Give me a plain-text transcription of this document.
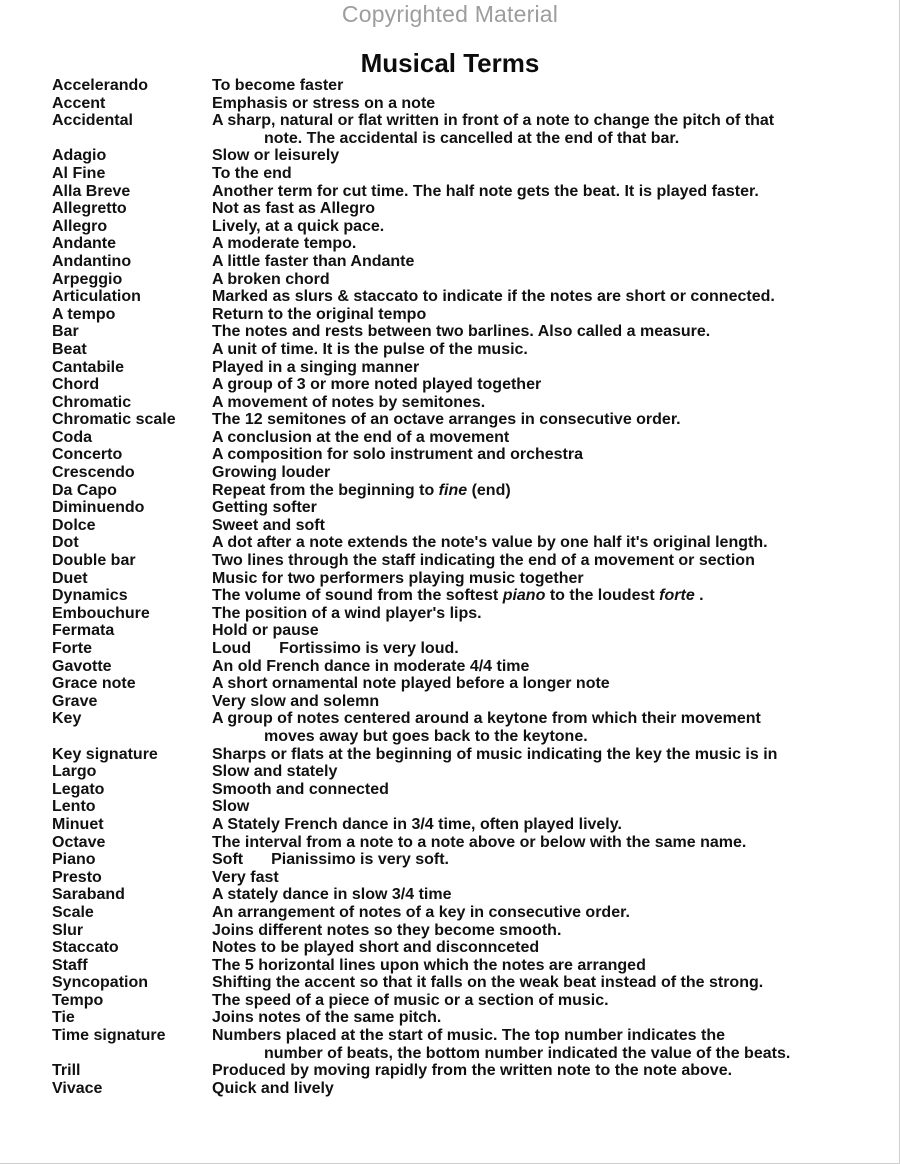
Copyrighted Material
Musical Terms
Accelerando	To become faster
Accent	Emphasis or stress on a note
Accidental	A sharp, natural or flat written in front of a note to change the pitch of that
note. The accidental is cancelled at the end of that bar.
Adagio	Slow or leisurely
Al Fine	To the end
Alla Breve	Another term for cut time. The half note gets the beat. It is played faster.
Allegretto	Not as fast as Allegro
Allegro	Lively, at a quick pace.
Andante	A moderate tempo.
Andantino	A little faster than Andante
Arpeggio	A broken chord
Articulation	Marked as slurs & staccato to indicate if the notes are short or connected.
A tempo	Return to the original tempo
Bar	The notes and rests between two barlines. Also called a measure.
Beat	A unit of time. It is the pulse of the music.
Cantabile	Played in a singing manner
Chord	A group of 3 or more noted played together
Chromatic	A movement of notes by semitones.
Chromatic scale	The 12 semitones of an octave arranges in consecutive order.
Coda	A conclusion at the end of a movement
Concerto	A composition for solo instrument and orchestra
Crescendo	Growing louder
Da Capo	Repeat from the beginning to fine (end)
Diminuendo	Getting softer
Dolce	Sweet and soft
Dot	A dot after a note extends the note's value by one half it's original length.
Double bar	Two lines through the staff indicating the end of a movement or section
Duet	Music for two performers playing music together
Dynamics	The volume of sound from the softest piano to the loudest forte .
Embouchure	The position of a wind player's lips.
Fermata	Hold or pause
Forte	Loud Fortissimo is very loud.
Gavotte	An old French dance in moderate 4/4 time
Grace note	A short ornamental note played before a longer note
Grave	Very slow and solemn
Key	A group of notes centered around a keytone from which their movement
moves away but goes back to the keytone.
Key signature	Sharps or flats at the beginning of music indicating the key the music is in
Largo	Slow and stately
Legato	Smooth and connected
Lento	Slow
Minuet	A Stately French dance in 3/4 time, often played lively.
Octave	The interval from a note to a note above or below with the same name.
Piano	Soft Pianissimo is very soft.
Presto	Very fast
Saraband	A stately dance in slow 3/4 time
Scale	An arrangement of notes of a key in consecutive order.
Slur	Joins different notes so they become smooth.
Staccato	Notes to be played short and disconnceted
Staff	The 5 horizontal lines upon which the notes are arranged
Syncopation	Shifting the accent so that it falls on the weak beat instead of the strong.
Tempo	The speed of a piece of music or a section of music.
Tie	Joins notes of the same pitch.
Time signature	Numbers placed at the start of music. The top number indicates the
number of beats, the bottom number indicated the value of the beats.
Trill	Produced by moving rapidly from the written note to the note above.
Vivace	Quick and lively
